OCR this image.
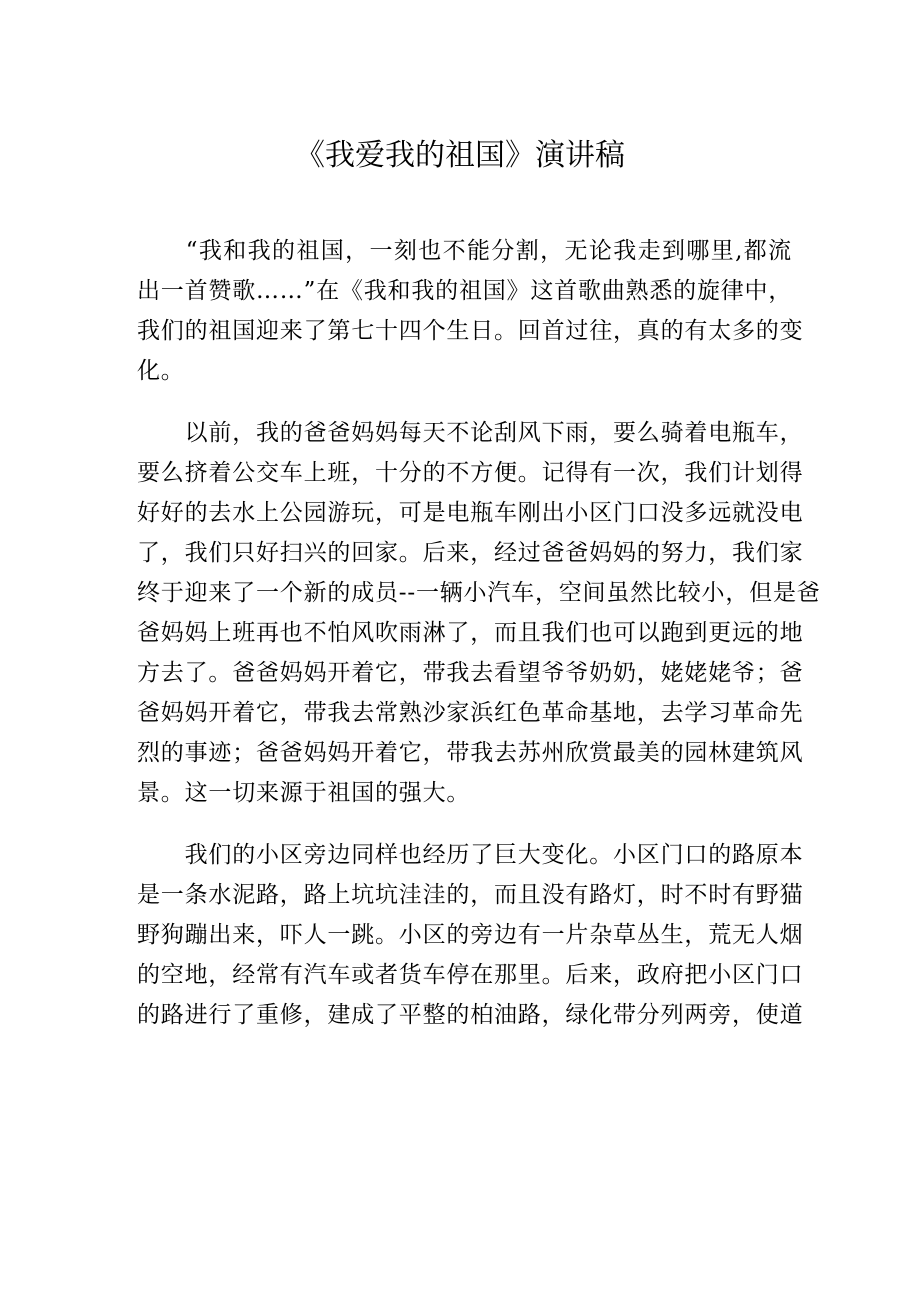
《我爱我的祖国》演讲稿
　　“我和我的祖国，一刻也不能分割，无论我走到哪里,都流
出一首赞歌……”在《我和我的祖国》这首歌曲熟悉的旋律中，
我们的祖国迎来了第七十四个生日。回首过往，真的有太多的变
化。
　　以前，我的爸爸妈妈每天不论刮风下雨，要么骑着电瓶车，
要么挤着公交车上班，十分的不方便。记得有一次，我们计划得
好好的去水上公园游玩，可是电瓶车刚出小区门口没多远就没电
了，我们只好扫兴的回家。后来，经过爸爸妈妈的努力，我们家
终于迎来了一个新的成员--一辆小汽车，空间虽然比较小，但是爸
爸妈妈上班再也不怕风吹雨淋了，而且我们也可以跑到更远的地
方去了。爸爸妈妈开着它，带我去看望爷爷奶奶，姥姥姥爷；爸
爸妈妈开着它，带我去常熟沙家浜红色革命基地，去学习革命先
烈的事迹；爸爸妈妈开着它，带我去苏州欣赏最美的园林建筑风
景。这一切来源于祖国的强大。
　　我们的小区旁边同样也经历了巨大变化。小区门口的路原本
是一条水泥路，路上坑坑洼洼的，而且没有路灯，时不时有野猫
野狗蹦出来，吓人一跳。小区的旁边有一片杂草丛生，荒无人烟
的空地，经常有汽车或者货车停在那里。后来，政府把小区门口
的路进行了重修，建成了平整的柏油路，绿化带分列两旁，使道
